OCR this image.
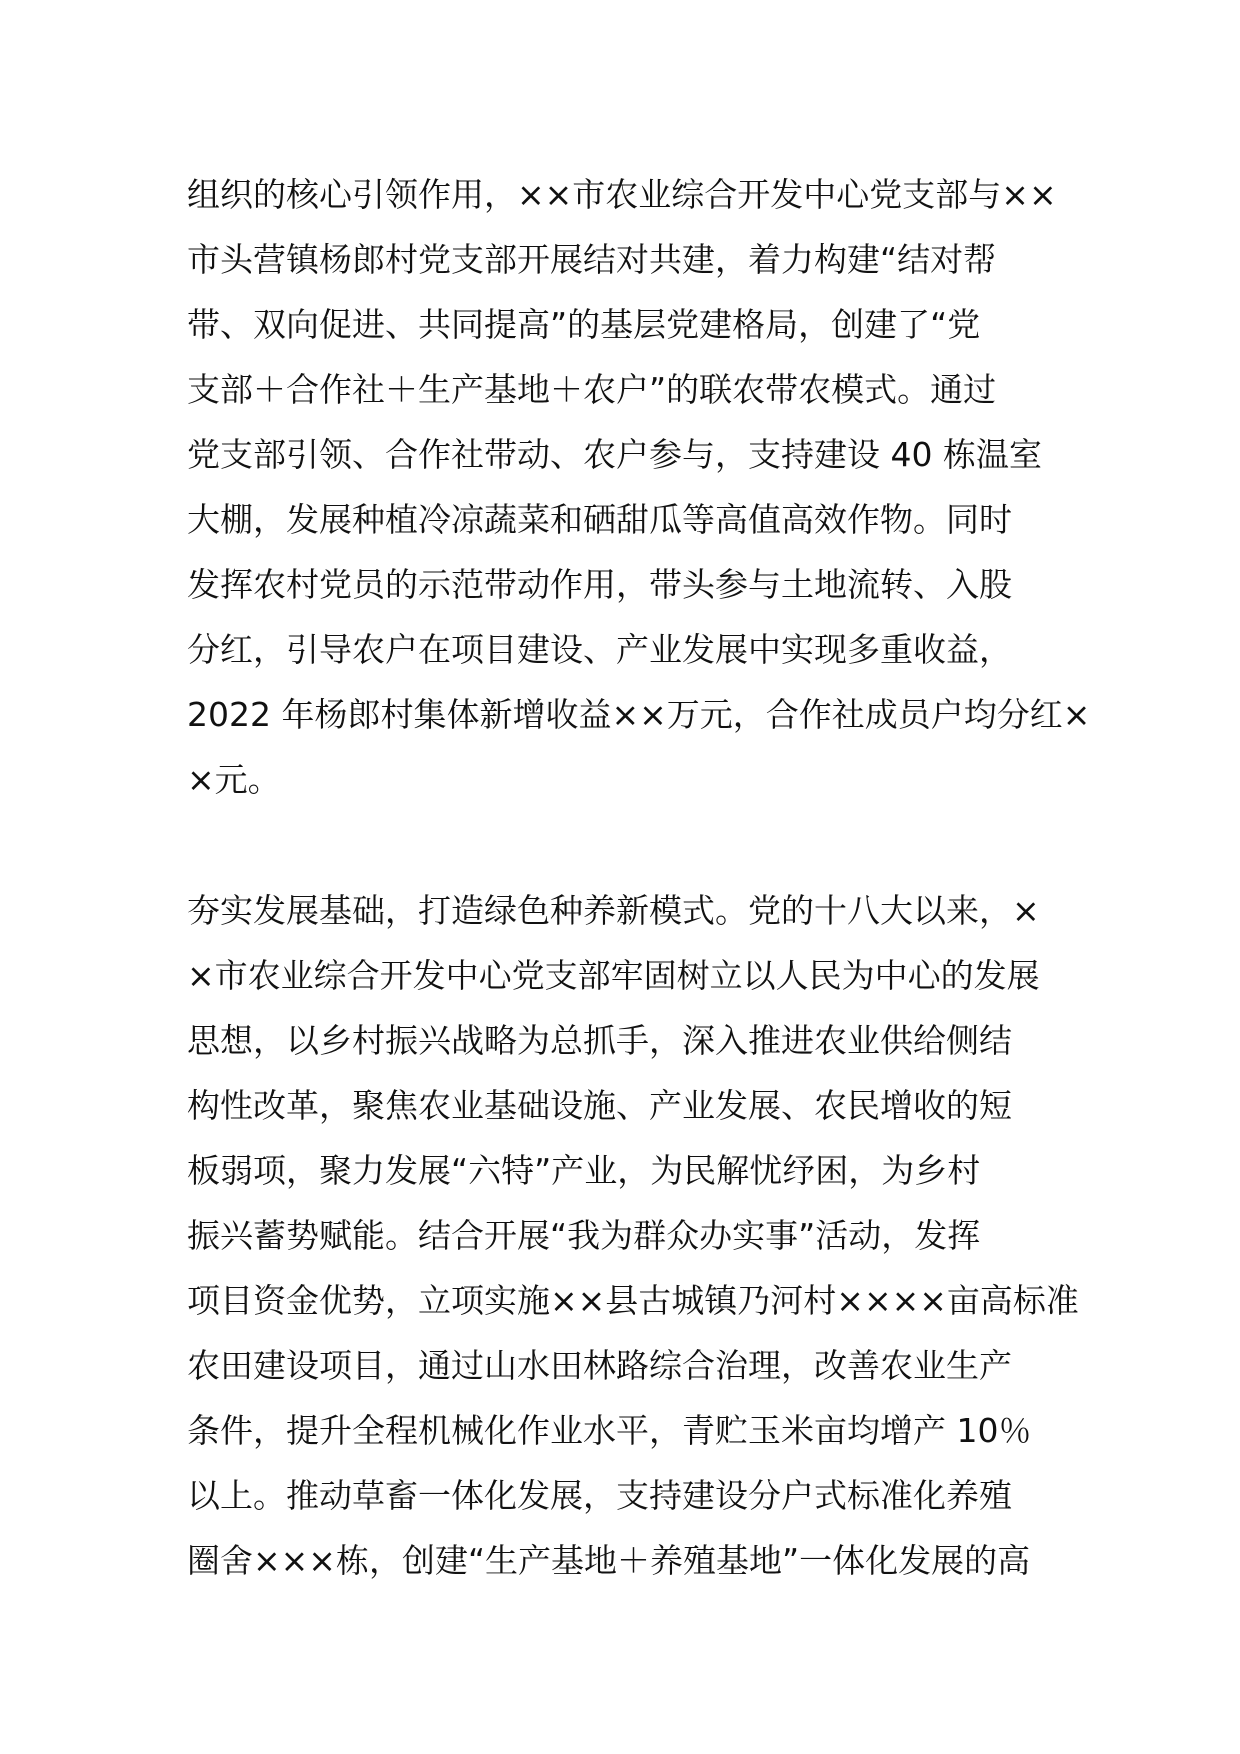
组织的核心引领作用，××市农业综合开发中心党支部与××
市头营镇杨郎村党支部开展结对共建，着力构建“结对帮
带、双向促进、共同提高”的基层党建格局，创建了“党
支部＋合作社＋生产基地＋农户”的联农带农模式。通过
党支部引领、合作社带动、农户参与，支持建设 40 栋温室
大棚，发展种植冷凉蔬菜和硒甜瓜等高值高效作物。同时
发挥农村党员的示范带动作用，带头参与土地流转、入股
分红，引导农户在项目建设、产业发展中实现多重收益，
2022 年杨郎村集体新增收益××万元，合作社成员户均分红×
×元。
夯实发展基础，打造绿色种养新模式。党的十八大以来，×
×市农业综合开发中心党支部牢固树立以人民为中心的发展
思想，以乡村振兴战略为总抓手，深入推进农业供给侧结
构性改革，聚焦农业基础设施、产业发展、农民增收的短
板弱项，聚力发展“六特”产业，为民解忧纾困，为乡村
振兴蓄势赋能。结合开展“我为群众办实事”活动，发挥
项目资金优势，立项实施××县古城镇乃河村××××亩高标准
农田建设项目，通过山水田林路综合治理，改善农业生产
条件，提升全程机械化作业水平，青贮玉米亩均增产 10％
以上。推动草畜一体化发展，支持建设分户式标准化养殖
圈舍×××栋，创建“生产基地＋养殖基地”一体化发展的高
